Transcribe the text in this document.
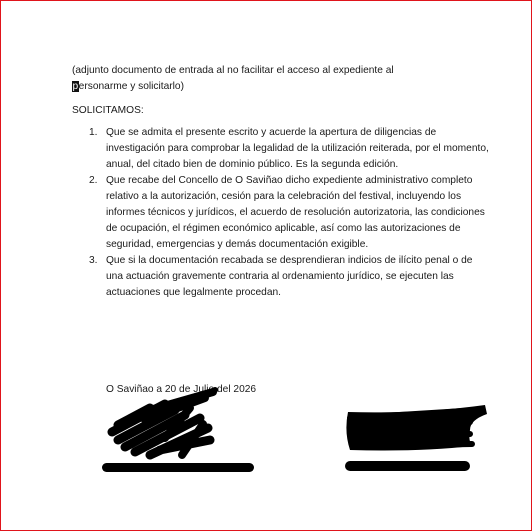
(adjunto documento de entrada al no facilitar el acceso al expediente al
personarme y solicitarlo)
SOLICITAMOS:
1. Que se admita el presente escrito y acuerde la apertura de diligencias de investigación para comprobar la legalidad de la utilización reiterada, por el momento, anual, del citado bien de dominio público. Es la segunda edición.
2. Que recabe del Concello de O Saviñao dicho expediente administrativo completo relativo a la autorización, cesión para la celebración del festival, incluyendo los informes técnicos y jurídicos, el acuerdo de resolución autorizatoria, las condiciones de ocupación, el régimen económico aplicable, así como las autorizaciones de seguridad, emergencias y demás documentación exigible.
3. Que si la documentación recabada se desprendieran indicios de ilícito penal o de una actuación gravemente contraria al ordenamiento jurídico, se ejecuten las actuaciones que legalmente procedan.
O Saviñao a 20 de Julio del 2026
